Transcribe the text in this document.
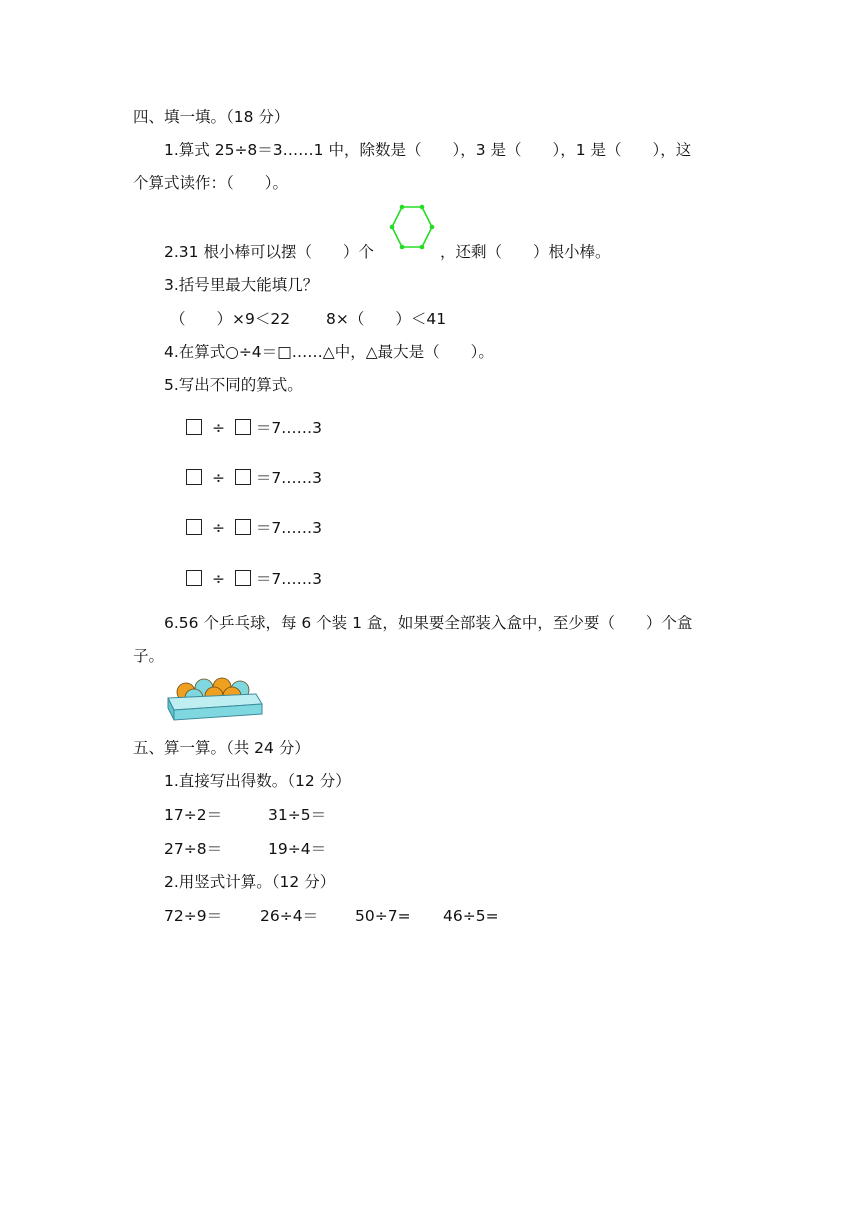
四、填一填。（18 分）
1.算式 25÷8＝3……1 中，除数是（　　），3 是（　　），1 是（　　），这
个算式读作：（　　）。
2.31 根小棒可以摆（　　）个	，还剩（　　）根小棒。
3.括号里最大能填几？
（　　）×9＜22　　 8×（　　）＜41
4.在算式○÷4＝□……△中，△最大是（　　）。
5.写出不同的算式。
÷ ＝7……3
÷ ＝7……3
÷ ＝7……3
÷ ＝7……3
6.56 个乒乓球，每 6 个装 1 盒，如果要全部装入盒中，至少要（　　）个盒
子。
五、算一算。（共 24 分）
1.直接写出得数。（12 分）
17÷2＝	31÷5＝
27÷8＝	19÷4＝
2.用竖式计算。（12 分）
72÷9＝ 26÷4＝ 50÷7= 46÷5=
